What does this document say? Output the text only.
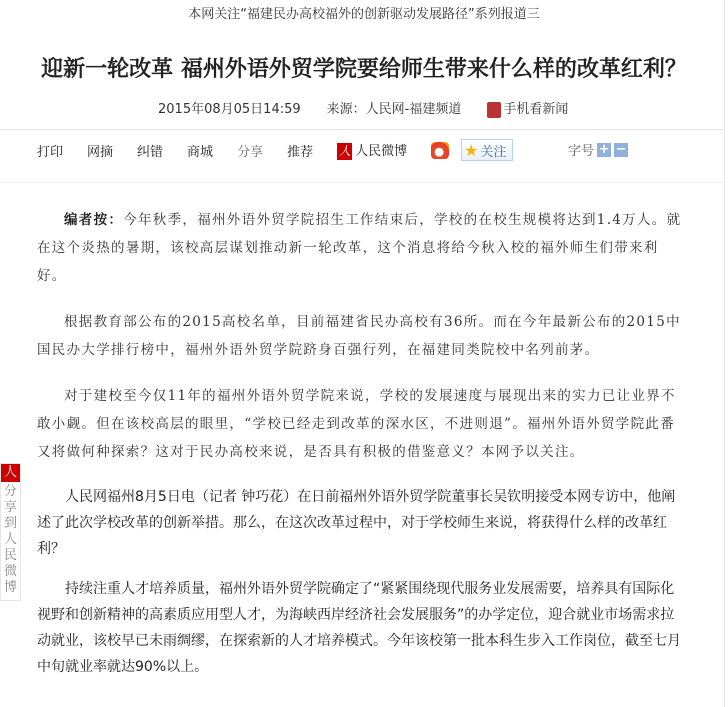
本网关注“福建民办高校福外的创新驱动发展路径”系列报道三
迎新一轮改革 福州外语外贸学院要给师生带来什么样的改革红利？
2015年08月05日14:59 来源：人民网-福建频道	手机看新闻
打印 网摘 纠错 商城 分享 推荐 人 人民微博	★ 关注	字号 + −

编者按：今年秋季，福州外语外贸学院招生工作结束后，学校的在校生规模将达到1.4万人。就在这个炎热的暑期，该校高层谋划推动新一轮改革，这个消息将给今秋入校的福外师生们带来利好。

根据教育部公布的2015高校名单，目前福建省民办高校有36所。而在今年最新公布的2015中国民办大学排行榜中，福州外语外贸学院跻身百强行列，在福建同类院校中名列前茅。

对于建校至今仅11年的福州外语外贸学院来说，学校的发展速度与展现出来的实力已让业界不敢小觑。但在该校高层的眼里，“学校已经走到改革的深水区，不进则退”。福州外语外贸学院此番又将做何种探索？这对于民办高校来说，是否具有积极的借鉴意义？本网予以关注。

人民网福州8月5日电（记者 钟巧花）在日前福州外语外贸学院董事长吴钦明接受本网专访中，他阐述了此次学校改革的创新举措。那么，在这次改革过程中，对于学校师生来说，将获得什么样的改革红利？

持续注重人才培养质量，福州外语外贸学院确定了“紧紧围绕现代服务业发展需要，培养具有国际化视野和创新精神的高素质应用型人才，为海峡西岸经济社会发展服务”的办学定位，迎合就业市场需求拉动就业，该校早已未雨绸缪，在探索新的人才培养模式。今年该校第一批本科生步入工作岗位，截至七月中旬就业率就达90%以上。

人
分享到人民微博
